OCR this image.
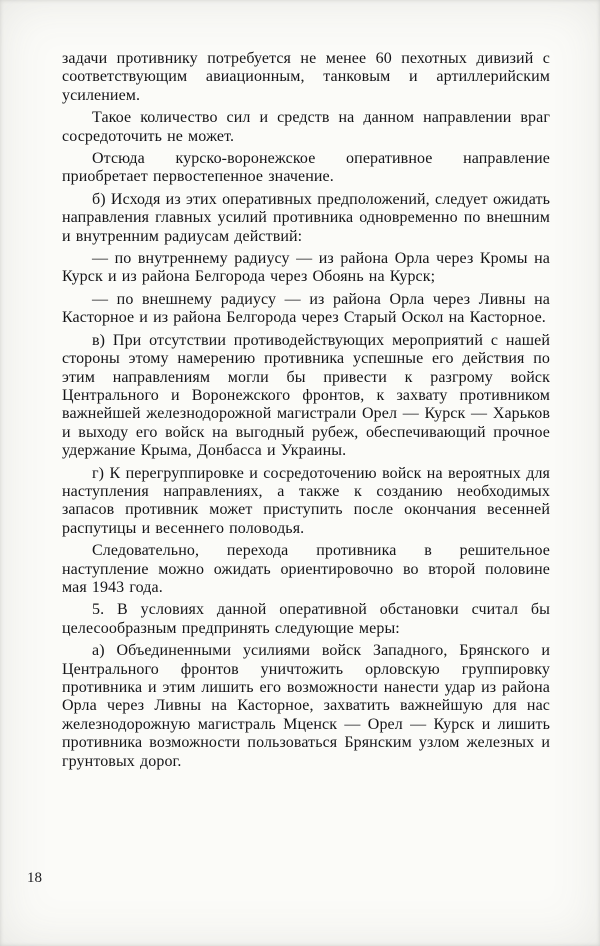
задачи противнику потребуется не менее 60 пехотных дивизий с соответствующим авиационным, танковым и артиллерийским усилением.

Такое количество сил и средств на данном направлении враг сосредоточить не может.

Отсюда курско-воронежское оперативное направление приобретает первостепенное значение.

б) Исходя из этих оперативных предположений, следует ожидать направления главных усилий противника одновременно по внешним и внутренним радиусам действий:

— по внутреннему радиусу — из района Орла через Кромы на Курск и из района Белгорода через Обоянь на Курск;

— по внешнему радиусу — из района Орла через Ливны на Касторное и из района Белгорода через Старый Оскол на Касторное.

в) При отсутствии противодействующих мероприятий с нашей стороны этому намерению противника успешные его действия по этим направлениям могли бы привести к разгрому войск Центрального и Воронежского фронтов, к захвату противником важнейшей железнодорожной магистрали Орел — Курск — Харьков и выходу его войск на выгодный рубеж, обеспечивающий прочное удержание Крыма, Донбасса и Украины.

г) К перегруппировке и сосредоточению войск на вероятных для наступления направлениях, а также к созданию необходимых запасов противник может приступить после окончания весенней распутицы и весеннего половодья.

Следовательно, перехода противника в решительное наступление можно ожидать ориентировочно во второй половине мая 1943 года.

5. В условиях данной оперативной обстановки считал бы целесообразным предпринять следующие меры:

а) Объединенными усилиями войск Западного, Брянского и Центрального фронтов уничтожить орловскую группировку противника и этим лишить его возможности нанести удар из района Орла через Ливны на Касторное, захватить важнейшую для нас железнодорожную магистраль Мценск — Орел — Курск и лишить противника возможности пользоваться Брянским узлом железных и грунтовых дорог.

18
